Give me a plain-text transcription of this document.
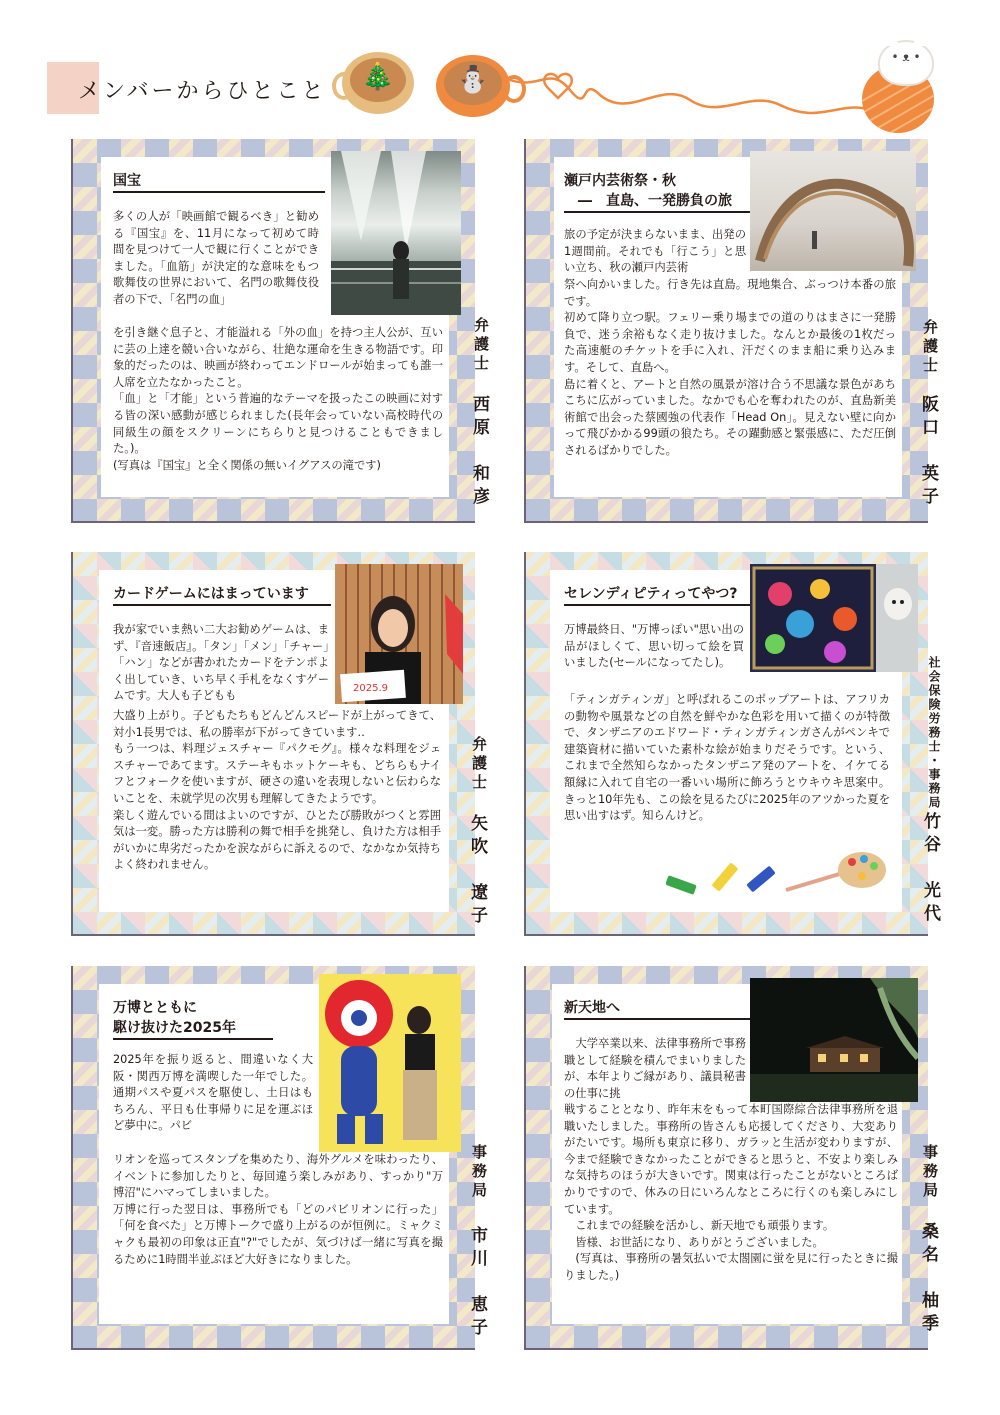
メンバーからひとこと	🎄	⛄
• ᴥ •
国宝
多くの人が「映画館で観るべき」と勧める『国宝』を、11月になって初めて時間を見つけて一人で観に行くことができました。「血筋」が決定的な意味をもつ歌舞伎の世界において、名門の歌舞伎役者の下で、「名門の血」
を引き継ぐ息子と、才能溢れる「外の血」を持つ主人公が、互いに芸の上達を競い合いながら、壮絶な運命を生きる物語です。印象的だったのは、映画が終わってエンドロールが始まっても誰一人席を立たなかったこと。
「血」と「才能」という普遍的なテーマを扱ったこの映画に対する皆の深い感動が感じられました(長年会っていない高校時代の同級生の顔をスクリーンにちらりと見つけることもできました。)。
(写真は『国宝』と全く関係の無いイグアスの滝です)
弁護士
西原　和彦
瀬戸内芸術祭・秋
　―　直島、一発勝負の旅
旅の予定が決まらないまま、出発の1週間前。それでも「行こう」と思い立ち、秋の瀬戸内芸術
祭へ向かいました。行き先は直島。現地集合、ぶっつけ本番の旅です。
初めて降り立つ駅。フェリー乗り場までの道のりはまさに一発勝負で、迷う余裕もなく走り抜けました。なんとか最後の1枚だった高速艇のチケットを手に入れ、汗だくのまま船に乗り込みます。そして、直島へ。
島に着くと、アートと自然の風景が溶け合う不思議な景色があちこちに広がっていました。なかでも心を奪われたのが、直島新美術館で出会った蔡國強の代表作「Head On」。見えない壁に向かって飛びかかる99頭の狼たち。その躍動感と緊張感に、ただ圧倒されるばかりでした。
弁護士
阪口　英子
カードゲームにはまっています
2025.9
我が家でいま熱い二大お勧めゲームは、まず、『音速飯店』。「タン」「メン」「チャー」「ハン」などが書かれたカードをテンポよく出していき、いち早く手札をなくすゲームです。大人も子どもも
大盛り上がり。子どもたちもどんどんスピードが上がってきて、対小1長男では、私の勝率が下がってきています‥
もう一つは、料理ジェスチャー『パクモグ』。様々な料理をジェスチャーであてます。ステーキもホットケーキも、どちらもナイフとフォークを使いますが、硬さの違いを表現しないと伝わらないことを、未就学児の次男も理解してきたようです。
楽しく遊んでいる間はよいのですが、ひとたび勝敗がつくと雰囲気は一変。勝った方は勝利の舞で相手を挑発し、負けた方は相手がいかに卑劣だったかを涙ながらに訴えるので、なかなか気持ちよく終われません。
弁護士
矢吹　遼子
セレンディピティってやつ?
万博最終日、"万博っぽい"思い出の品がほしくて、思い切って絵を買いました(セールになってたし)。
「ティンガティンガ」と呼ばれるこのポップアートは、アフリカの動物や風景などの自然を鮮やかな色彩を用いて描くのが特徴で、タンザニアのエドワード・ティンガティンガさんがペンキで建築資材に描いていた素朴な絵が始まりだそうです。という、これまで全然知らなかったタンザニア発のアートを、イケてる額縁に入れて自宅の一番いい場所に飾ろうとウキウキ思案中。きっと10年先も、この絵を見るたびに2025年のアツかった夏を思い出すはず。知らんけど。
社会保険労務士・事務局
竹谷　光代
万博とともに
駆け抜けた2025年
2025年を振り返ると、間違いなく大阪・関西万博を満喫した一年でした。通期パスや夏パスを駆使し、土日はもちろん、平日も仕事帰りに足を運ぶほど夢中に。パビ
リオンを巡ってスタンプを集めたり、海外グルメを味わったり、イベントに参加したりと、毎回違う楽しみがあり、すっかり"万博沼"にハマってしまいました。
万博に行った翌日は、事務所でも「どのパビリオンに行った」「何を食べた」と万博トークで盛り上がるのが恒例に。ミャクミャクも最初の印象は正直"?"でしたが、気づけば一緒に写真を撮るために1時間半並ぶほど大好きになりました。
事務局
市川　恵子
新天地へ
　大学卒業以来、法律事務所で事務職として経験を積んでまいりましたが、本年よりご縁があり、議員秘書の仕事に挑
戦することとなり、昨年末をもって本町国際綜合法律事務所を退職いたしました。事務所の皆さんも応援してくださり、大変ありがたいです。場所も東京に移り、ガラッと生活が変わりますが、今まで経験できなかったことができると思うと、不安より楽しみな気持ちのほうが大きいです。関東は行ったことがないところばかりですので、休みの日にいろんなところに行くのも楽しみにしています。
　これまでの経験を活かし、新天地でも頑張ります。
　皆様、お世話になり、ありがとうございました。
　(写真は、事務所の暑気払いで太閤園に蛍を見に行ったときに撮りました。)
事務局
桑名　柚季
